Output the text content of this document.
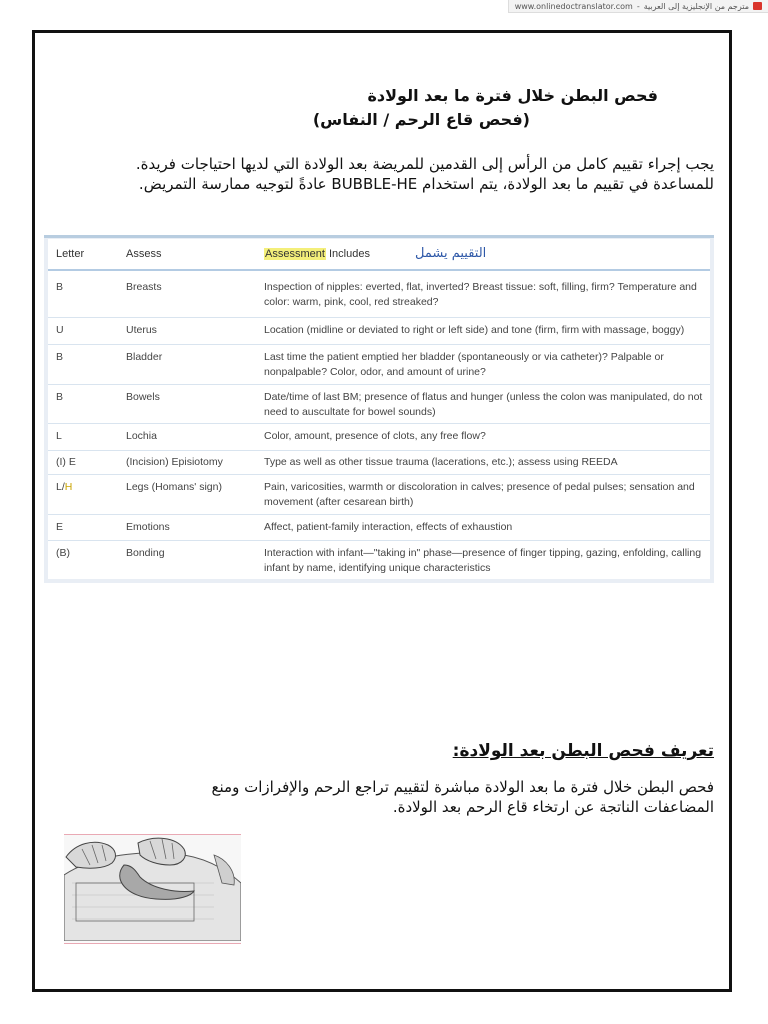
www.onlinedoctranslator.com - مترجم من الإنجليزية إلى العربية
فحص البطن خلال فترة ما بعد الولادة
(فحص قاع الرحم / النفاس)
يجب إجراء تقييم كامل من الرأس إلى القدمين للمريضة بعد الولادة التي لديها احتياجات فريدة. للمساعدة في تقييم ما بعد الولادة، يتم استخدام BUBBLE-HE عادةً لتوجيه ممارسة التمريض.
Letter	Assess	Assessment Includes	التقييم يشمل
B	Breasts	Inspection of nipples: everted, flat, inverted? Breast tissue: soft, filling, firm? Temperature and color: warm, pink, cool, red streaked?
U	Uterus	Location (midline or deviated to right or left side) and tone (firm, firm with massage, boggy)
B	Bladder	Last time the patient emptied her bladder (spontaneously or via catheter)? Palpable or nonpalpable? Color, odor, and amount of urine?
B	Bowels	Date/time of last BM; presence of flatus and hunger (unless the colon was manipulated, do not need to auscultate for bowel sounds)
L	Lochia	Color, amount, presence of clots, any free flow?
(I) E	(Incision) Episiotomy	Type as well as other tissue trauma (lacerations, etc.); assess using REEDA
L/H	Legs (Homans' sign)	Pain, varicosities, warmth or discoloration in calves; presence of pedal pulses; sensation and movement (after cesarean birth)
E	Emotions	Affect, patient-family interaction, effects of exhaustion
(B)	Bonding	Interaction with infant—"taking in" phase—presence of finger tipping, gazing, enfolding, calling infant by name, identifying unique characteristics
تعريف فحص البطن بعد الولادة:
فحص البطن خلال فترة ما بعد الولادة مباشرة لتقييم تراجع الرحم والإفرازات ومنع المضاعفات الناتجة عن ارتخاء قاع الرحم بعد الولادة.
